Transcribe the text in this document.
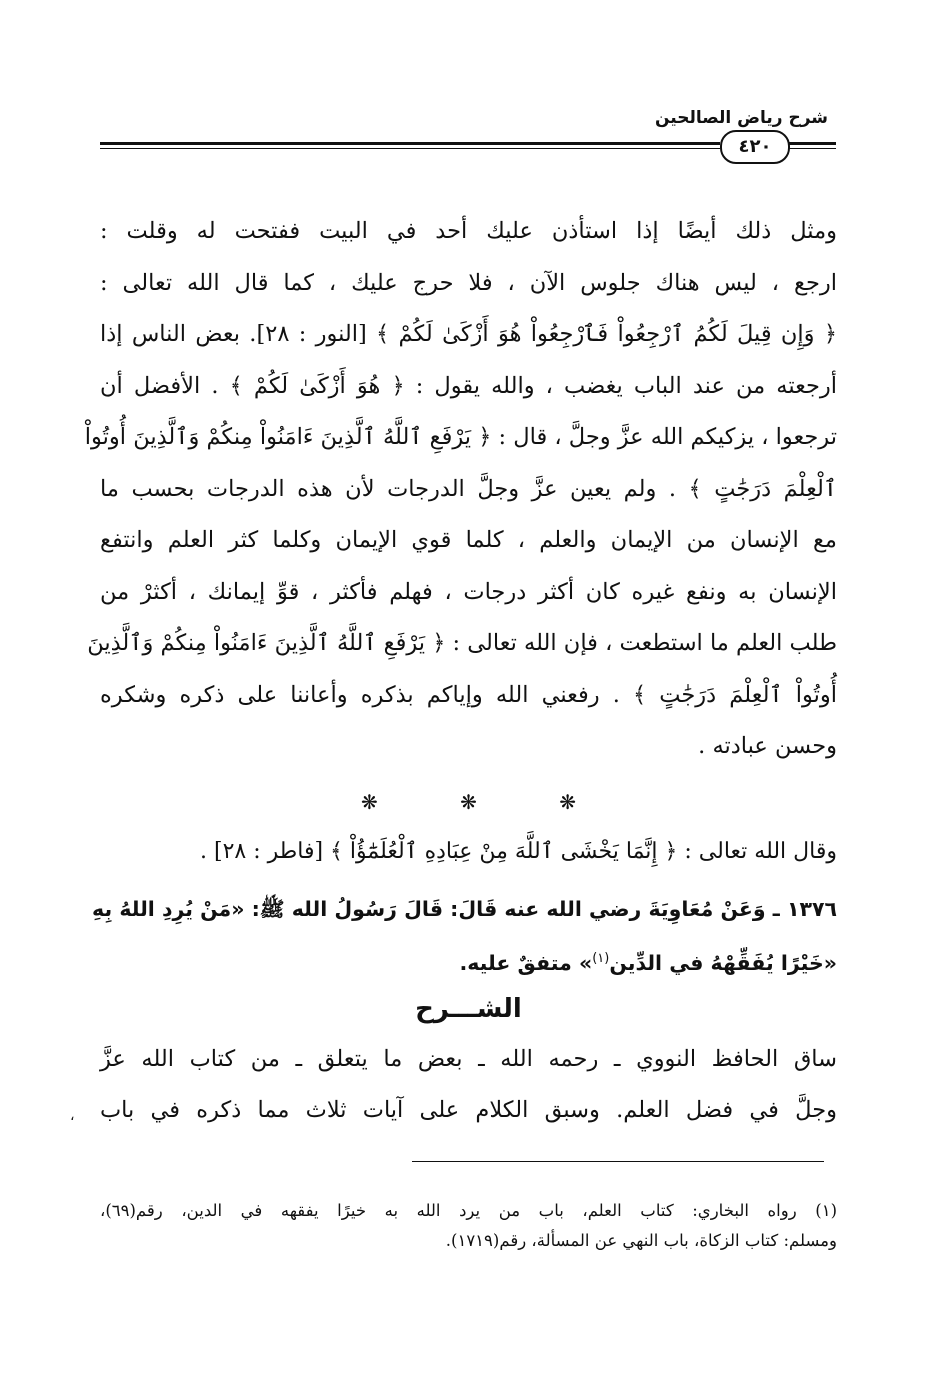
شرح رياض الصالحين
٤٢٠
ومثل ذلك أيضًا إذا استأذن عليك أحد في البيت ففتحت له وقلت :
ارجع ، ليس هناك جلوس الآن ، فلا حرج عليك ، كما قال الله تعالى :
﴿ وَإِن قِيلَ لَكُمُ ٱرْجِعُواْ فَٱرْجِعُواْ هُوَ أَزْكَىٰ لَكُمْ ﴾ [النور : ٢٨]. بعض الناس إذا
أرجعته من عند الباب يغضب ، والله يقول : ﴿ هُوَ أَزْكَىٰ لَكُمْ ﴾ . الأفضل أن
ترجعوا ، يزكيكم الله عزَّ وجلَّ ، قال : ﴿ يَرْفَعِ ٱللَّهُ ٱلَّذِينَ ءَامَنُواْ مِنكُمْ وَٱلَّذِينَ أُوتُواْ
ٱلْعِلْمَ دَرَجَٰتٍ ﴾ . ولم يعين عزَّ وجلَّ الدرجات لأن هذه الدرجات بحسب ما
مع الإنسان من الإيمان والعلم ، كلما قوي الإيمان وكلما كثر العلم وانتفع
الإنسان به ونفع غيره كان أكثر درجات ، فهلم فأكثر ، قوِّ إيمانك ، أكثرْ من
طلب العلم ما استطعت ، فإن الله تعالى : ﴿ يَرْفَعِ ٱللَّهُ ٱلَّذِينَ ءَامَنُواْ مِنكُمْ وَٱلَّذِينَ
أُوتُواْ ٱلْعِلْمَ دَرَجَٰتٍ ﴾ . رفعني الله وإياكم بذكره وأعاننا على ذكره وشكره
وحسن عبادته .
❋ ❋ ❋
وقال الله تعالى : ﴿ إِنَّمَا يَخْشَى ٱللَّهَ مِنْ عِبَادِهِ ٱلْعُلَمَٰٓؤُاْ ﴾ [فاطر : ٢٨] .
١٣٧٦ ـ وَعَنْ مُعَاوِيَةَ رضي الله عنه قَالَ: قَالَ رَسُولُ الله ﷺ: «مَنْ يُرِدِ اللهُ بِهِ
«خَيْرًا يُفَقِّهْهُ في الدِّين$^{(١)}$» متفقٌ عليه.
الشـــرح
ساق الحافظ النووي ـ رحمه الله ـ بعض ما يتعلق ـ من كتاب الله عزَّ
وجلَّ في فضل العلم. وسبق الكلام على آيات ثلاث مما ذكره في باب
،
(١) رواه البخاري: كتاب العلم، باب من يرد الله به خيرًا يفقهه في الدين، رقم(٦٩)،
ومسلم: كتاب الزكاة، باب النهي عن المسألة، رقم(١٧١٩).
